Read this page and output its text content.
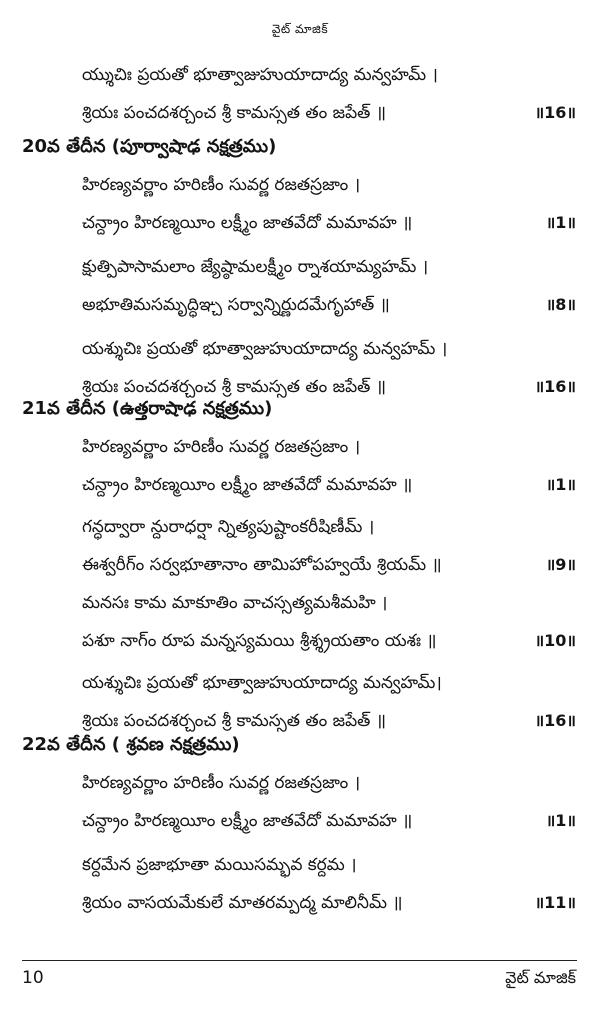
వైట్ మాజిక్
య్శుచిః ప్రయతో భూత్వాజుహుయాదాద్య మన్వహమ్ ।
శ్రియః పంచదశర్చంచ శ్రీ కామస్సత తం జపేత్ ॥	॥16॥
20వ తేదీన (పూర్వాషాఢ నక్షత్రము)
హిరణ్యవర్ణాం హరిణీం సువర్ణ రజతస్రజాం ।
చన్ద్రాం హిరణ్మయీం లక్ష్మీం జాతవేదో మమావహ ॥	॥1॥
క్షుత్పిపాసామలాం జ్యేష్ఠామలక్ష్మీం ర్నాశయామ్యహమ్ ।
అభూతిమసమృద్ధిఞ్చ సర్వాన్నిర్ణుదమేగృహాత్ ॥	॥8॥
యశ్శుచిః ప్రయతో భూత్వాజుహుయాదాద్య మన్వహమ్ ।
శ్రియః పంచదశర్చంచ శ్రీ కామస్సత తం జపేత్ ॥	॥16॥
21వ తేదీన (ఉత్తరాషాఢ నక్షత్రము)
హిరణ్యవర్ణాం హరిణీం సువర్ణ రజతస్రజాం ।
చన్ద్రాం హిరణ్మయీం లక్ష్మీం జాతవేదో మమావహ ॥	॥1॥
గన్ధద్వారా న్దురాధర్షా న్నిత్యపుష్టాంకరీషిణీమ్ ।
ఈశ్వరీగ్ం సర్వభూతానాం తామిహోపహ్వయే శ్రియమ్ ॥	॥9॥
మనసః కామ మాకూతిం వాచస్సత్యమశీమహి ।
పశూ నాగ్ం రూప మన్నస్యమయి శ్రీశ్శ్రయతాం యశః ॥	॥10॥
యశ్శుచిః ప్రయతో భూత్వాజుహుయాదాద్య మన్వహమ్।
శ్రియః పంచదశర్చంచ శ్రీ కామస్సత తం జపేత్ ॥	॥16॥
22వ తేదీన ( శ్రవణ నక్షత్రము)
హిరణ్యవర్ణాం హరిణీం సువర్ణ రజతస్రజాం ।
చన్ద్రాం హిరణ్మయీం లక్ష్మీం జాతవేదో మమావహ ॥	॥1॥
కర్దమేన ప్రజాభూతా మయిసమ్భవ కర్దమ ।
శ్రియం వాసయమేకులే మాతరమ్పద్మ మాలినీమ్ ॥	॥11॥
10	వైట్ మాజిక్
